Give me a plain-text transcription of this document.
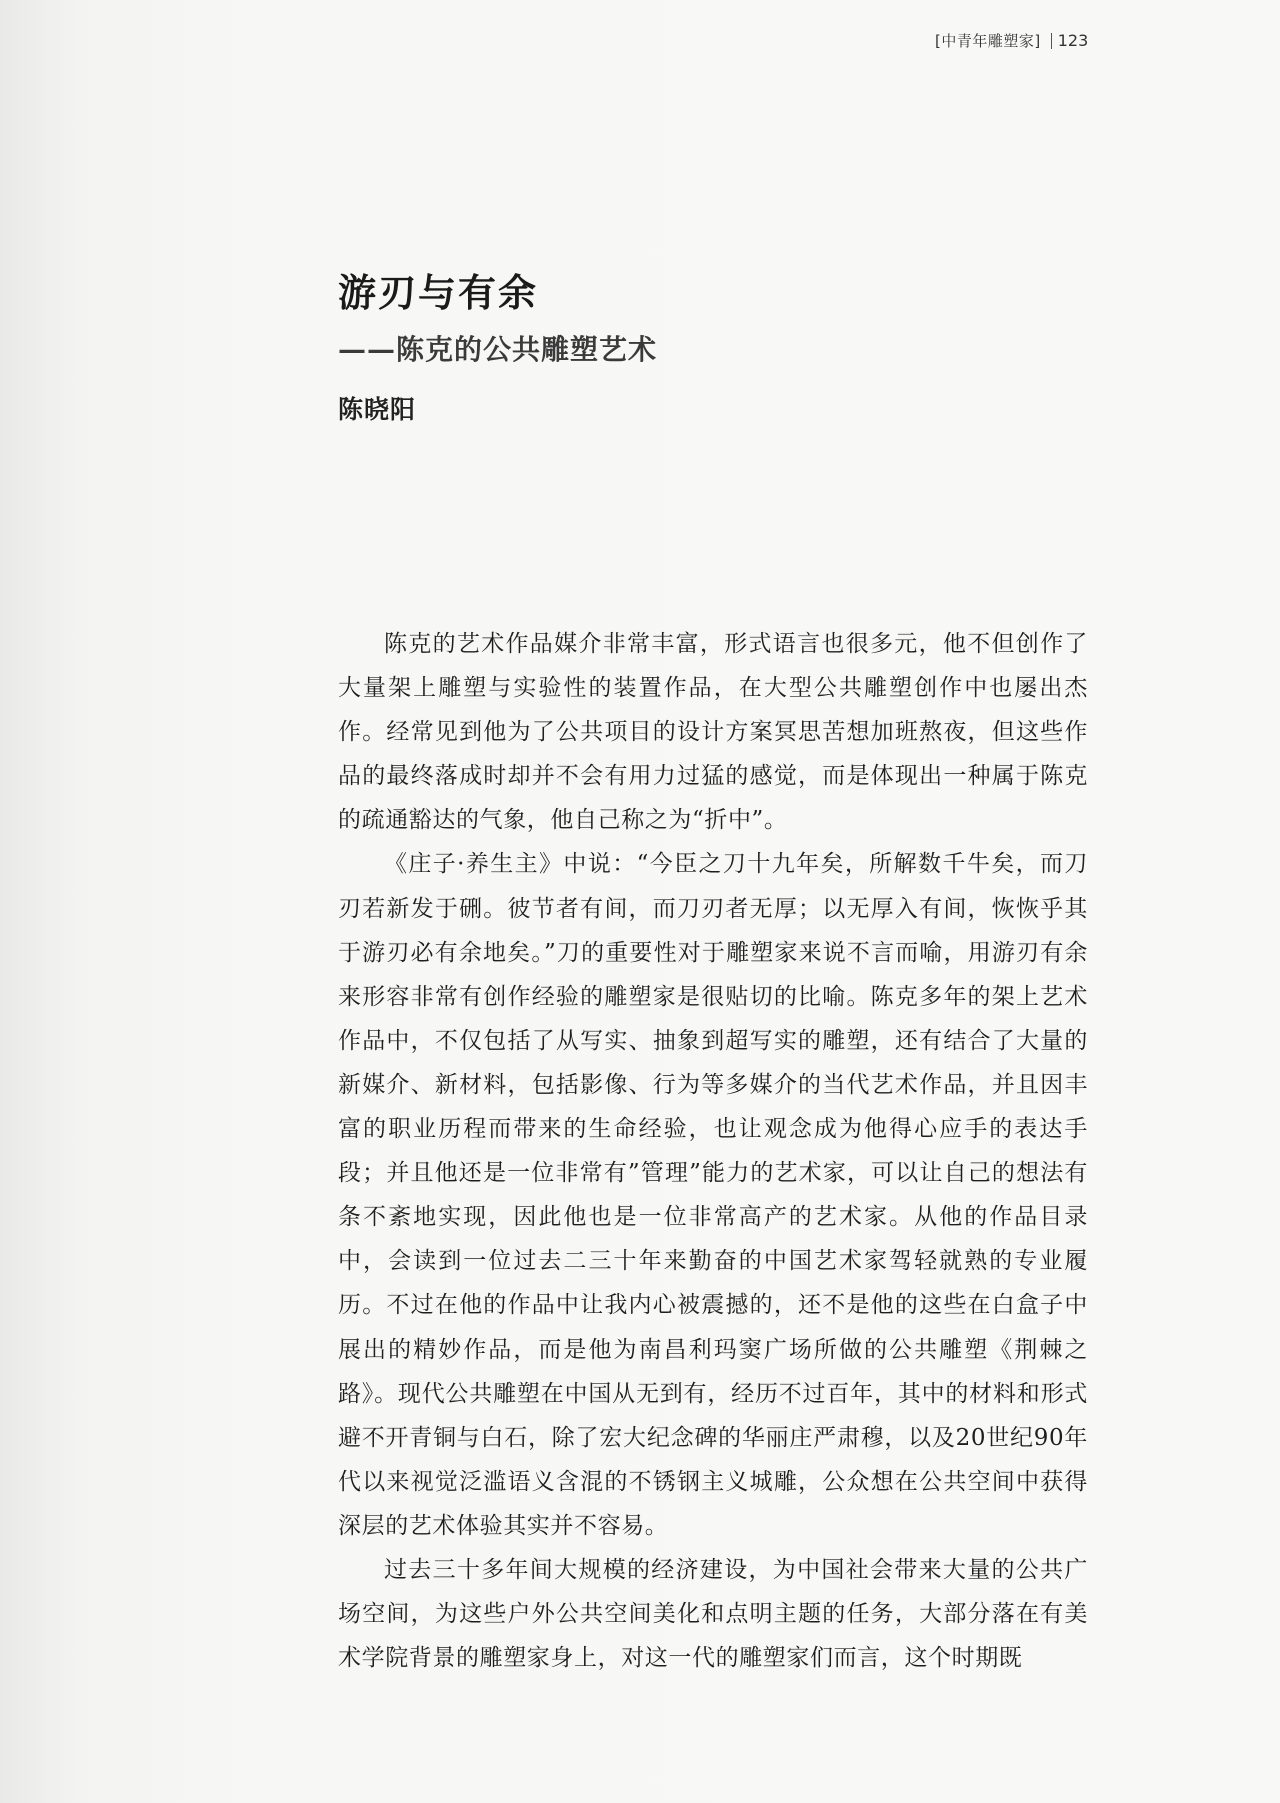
[中青年雕塑家] 123
游刃与有余
——陈克的公共雕塑艺术
陈晓阳

陈克的艺术作品媒介非常丰富，形式语言也很多元，他不但创作了大量架上雕塑与实验性的装置作品，在大型公共雕塑创作中也屡出杰作。经常见到他为了公共项目的设计方案冥思苦想加班熬夜，但这些作品的最终落成时却并不会有用力过猛的感觉，而是体现出一种属于陈克的疏通豁达的气象，他自己称之为“折中”。

《庄子·养生主》中说：“今臣之刀十九年矣，所解数千牛矣，而刀刃若新发于硎。彼节者有间，而刀刃者无厚；以无厚入有间，恢恢乎其于游刃必有余地矣。”刀的重要性对于雕塑家来说不言而喻，用游刃有余来形容非常有创作经验的雕塑家是很贴切的比喻。陈克多年的架上艺术作品中，不仅包括了从写实、抽象到超写实的雕塑，还有结合了大量的新媒介、新材料，包括影像、行为等多媒介的当代艺术作品，并且因丰富的职业历程而带来的生命经验，也让观念成为他得心应手的表达手段；并且他还是一位非常有”管理”能力的艺术家，可以让自己的想法有条不紊地实现，因此他也是一位非常高产的艺术家。从他的作品目录中，会读到一位过去二三十年来勤奋的中国艺术家驾轻就熟的专业履历。不过在他的作品中让我内心被震撼的，还不是他的这些在白盒子中展出的精妙作品，而是他为南昌利玛窦广场所做的公共雕塑《荆棘之路》。现代公共雕塑在中国从无到有，经历不过百年，其中的材料和形式避不开青铜与白石，除了宏大纪念碑的华丽庄严肃穆，以及20世纪90年代以来视觉泛滥语义含混的不锈钢主义城雕，公众想在公共空间中获得深层的艺术体验其实并不容易。

过去三十多年间大规模的经济建设，为中国社会带来大量的公共广场空间，为这些户外公共空间美化和点明主题的任务，大部分落在有美术学院背景的雕塑家身上，对这一代的雕塑家们而言，这个时期既
